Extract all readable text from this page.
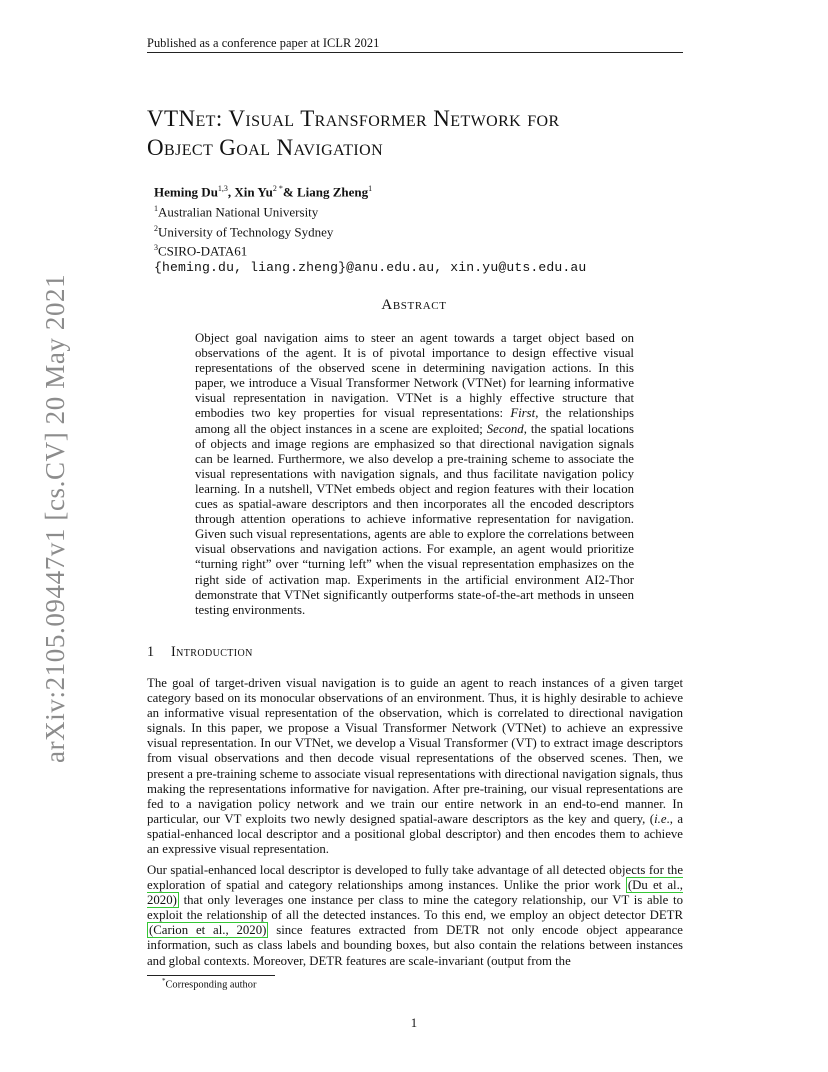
Published as a conference paper at ICLR 2021
arXiv:2105.09447v1 [cs.CV] 20 May 2021
VTNet: Visual Transformer Network for
Object Goal Navigation
Heming Du$^{1,3}$, Xin $Yu^{2 *}\&$ Liang Zheng$^1$
$^1$Australian National University
$^2$University of Technology Sydney
$^3$CSIRO-DATA61
{heming.du, liang.zheng}@anu.edu.au, xin.yu@uts.edu.au
Abstract
Object goal navigation aims to steer an agent towards a target object based on observations of the agent. It is of pivotal importance to design effective visual representations of the observed scene in determining navigation actions. In this paper, we introduce a Visual Transformer Network (VTNet) for learning informative visual representation in navigation. VTNet is a highly effective structure that embodies two key properties for visual representations: First, the relationships among all the object instances in a scene are exploited; Second, the spatial locations of objects and image regions are emphasized so that directional navigation signals can be learned. Furthermore, we also develop a pre-training scheme to associate the visual representations with navigation signals, and thus facilitate navigation policy learning. In a nutshell, VTNet embeds object and region features with their location cues as spatial-aware descriptors and then incorporates all the encoded descriptors through attention operations to achieve informative representation for navigation. Given such visual representations, agents are able to explore the correlations between visual observations and navigation actions. For example, an agent would prioritize “turning right” over “turning left” when the visual representation emphasizes on the right side of activation map. Experiments in the artificial environment AI2-Thor demonstrate that VTNet significantly outperforms state-of-the-art methods in unseen testing environments.
1 Introduction
The goal of target-driven visual navigation is to guide an agent to reach instances of a given target category based on its monocular observations of an environment. Thus, it is highly desirable to achieve an informative visual representation of the observation, which is correlated to directional navigation signals. In this paper, we propose a Visual Transformer Network (VTNet) to achieve an expressive visual representation. In our VTNet, we develop a Visual Transformer (VT) to extract image descriptors from visual observations and then decode visual representations of the observed scenes. Then, we present a pre-training scheme to associate visual representations with directional navigation signals, thus making the representations informative for navigation. After pre-training, our visual representations are fed to a navigation policy network and we train our entire network in an end-to-end manner. In particular, our VT exploits two newly designed spatial-aware descriptors as the key and query, (i.e., a spatial-enhanced local descriptor and a positional global descriptor) and then encodes them to achieve an expressive visual representation.
Our spatial-enhanced local descriptor is developed to fully take advantage of all detected objects for the exploration of spatial and category relationships among instances. Unlike the prior work (Du et al., 2020) that only leverages one instance per class to mine the category relationship, our VT is able to exploit the relationship of all the detected instances. To this end, we employ an object detector DETR (Carion et al., 2020) since features extracted from DETR not only encode object appearance information, such as class labels and bounding boxes, but also contain the relations between instances and global contexts. Moreover, DETR features are scale-invariant (output from the
*Corresponding author
1
